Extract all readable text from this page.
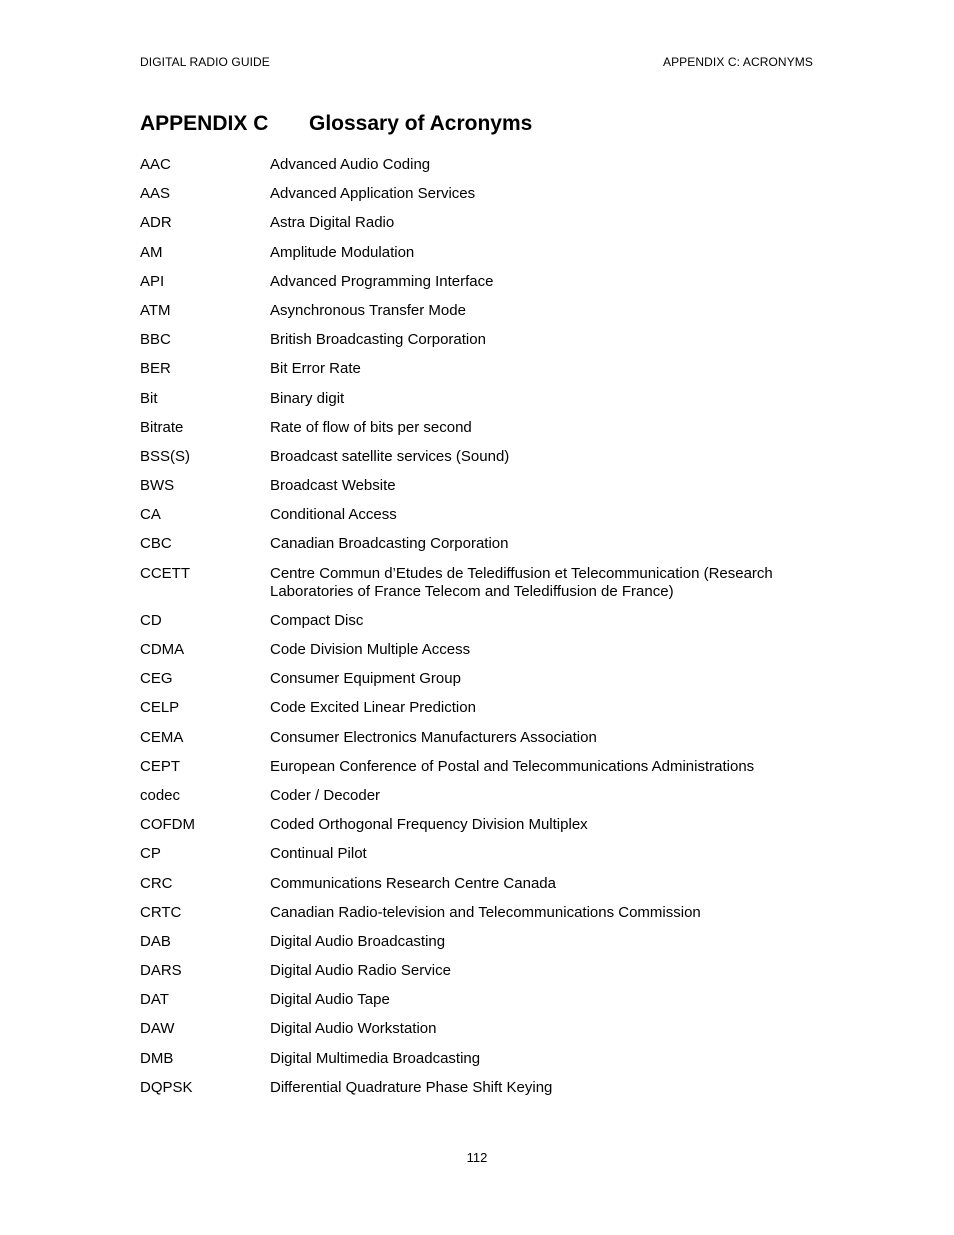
DIGITAL RADIO GUIDE	APPENDIX C: ACRONYMS
APPENDIX C Glossary of Acronyms
AAC	Advanced Audio Coding
AAS	Advanced Application Services
ADR	Astra Digital Radio
AM	Amplitude Modulation
API	Advanced Programming Interface
ATM	Asynchronous Transfer Mode
BBC	British Broadcasting Corporation
BER	Bit Error Rate
Bit	Binary digit
Bitrate	Rate of flow of bits per second
BSS(S)	Broadcast satellite services (Sound)
BWS	Broadcast Website
CA	Conditional Access
CBC	Canadian Broadcasting Corporation
CCETT	Centre Commun d’Etudes de Telediffusion et Telecommunication (Research Laboratories of France Telecom and Telediffusion de France)
CD	Compact Disc
CDMA	Code Division Multiple Access
CEG	Consumer Equipment Group
CELP	Code Excited Linear Prediction
CEMA	Consumer Electronics Manufacturers Association
CEPT	European Conference of Postal and Telecommunications Administrations
codec	Coder / Decoder
COFDM	Coded Orthogonal Frequency Division Multiplex
CP	Continual Pilot
CRC	Communications Research Centre Canada
CRTC	Canadian Radio-television and Telecommunications Commission
DAB	Digital Audio Broadcasting
DARS	Digital Audio Radio Service
DAT	Digital Audio Tape
DAW	Digital Audio Workstation
DMB	Digital Multimedia Broadcasting
DQPSK	Differential Quadrature Phase Shift Keying
112
